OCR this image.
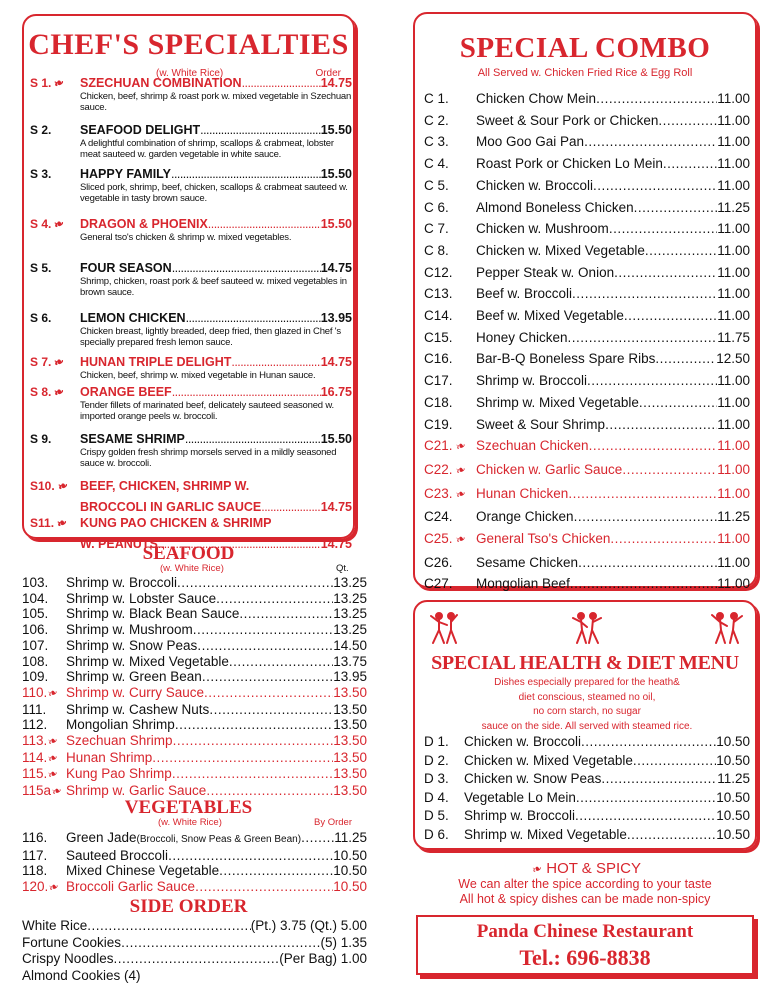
CHEF'S SPECIALTIES
(w. White Rice)	Order
S 1.❧	SZECHUAN COMBINATION . . .	14.75
Chicken, beef, shrimp & roast pork w. mixed vegetable in Szechuan sauce.
S 2.	SEAFOOD DELIGHT . . .	15.50
A delightful combination of shrimp, scallops & crabmeat, lobster meat sauteed w. garden vegetable in white sauce.
S 3.	HAPPY FAMILY . . .	15.50
Sliced pork, shrimp, beef, chicken, scallops & crabmeat sauteed w. vegetable in tasty brown sauce.
S 4.❧	DRAGON & PHOENIX . . .	15.50
General tso's chicken & shrimp w. mixed vegetables.
S 5.	FOUR SEASON . . .	14.75
Shrimp, chicken, roast pork & beef sauteed w. mixed vegetables in brown sauce.
S 6.	LEMON CHICKEN . . .	13.95
Chicken breast, lightly breaded, deep fried, then glazed in Chef 's specially prepared fresh lemon sauce.
S 7.❧	HUNAN TRIPLE DELIGHT . . .	14.75
Chicken, beef, shrimp w. mixed vegetable in Hunan sauce.
S 8.❧	ORANGE BEEF . . .	16.75
Tender fillets of marinated beef, delicately sauteed seasoned w. imported orange peels w. broccoli.
S 9.	SESAME SHRIMP . . .	15.50
Crispy golden fresh shrimp morsels served in a mildly seasoned sauce w. broccoli.
S10.❧ BEEF, CHICKEN, SHRIMP W.
BROCCOLI IN GARLIC SAUCE . . .	14.75
S11.❧ KUNG PAO CHICKEN & SHRIMP
W. PEANUTS . . .	14.75
SEAFOOD
(w. White Rice)	Qt.
103.	Shrimp w. Broccoli .....	13.25
104.	Shrimp w. Lobster Sauce .....	13.25
105.	Shrimp w. Black Bean Sauce .....	13.25
106.	Shrimp w. Mushroom .....	13.25
107.	Shrimp w. Snow Peas .....	14.50
108.	Shrimp w. Mixed Vegetable .....	13.75
109.	Shrimp w. Green Bean .....	13.95
110.❧ Shrimp w. Curry Sauce .....	13.50
111.	Shrimp w. Cashew Nuts .....	13.50
112.	Mongolian Shrimp .....	13.50
113.❧ Szechuan Shrimp .....	13.50
114.❧ Hunan Shrimp .....	13.50
115.❧ Kung Pao Shrimp .....	13.50
115a❧ Shrimp w. Garlic Sauce .....	13.50
VEGETABLES
(w. White Rice)	By Order
116.	Green Jade (Broccoli, Snow Peas & Green Bean) ..... 11.25
117.	Sauteed Broccoli .....	10.50
118.	Mixed Chinese Vegetable .....	10.50
120.❧ Broccoli Garlic Sauce .....	10.50
SIDE ORDER
White Rice .....	(Pt.) 3.75 (Qt.) 5.00
Fortune Cookies .....	(5) 1.35
Crispy Noodles .....	(Per Bag) 1.00
Almond Cookies (4)
SPECIAL COMBO
All Served w. Chicken Fried Rice & Egg Roll
C 1.	Chicken Chow Mein .....	11.00
C 2.	Sweet & Sour Pork or Chicken .....	11.00
C 3.	Moo Goo Gai Pan .....	11.00
C 4.	Roast Pork or Chicken Lo Mein .....	11.00
C 5.	Chicken w. Broccoli .....	11.00
C 6.	Almond Boneless Chicken .....	11.25
C 7.	Chicken w. Mushroom .....	11.00
C 8.	Chicken w. Mixed Vegetable .....	11.00
C12.	Pepper Steak w. Onion .....	11.00
C13.	Beef w. Broccoli .....	11.00
C14.	Beef w. Mixed Vegetable .....	11.00
C15.	Honey Chicken .....	11.75
C16.	Bar-B-Q Boneless Spare Ribs .....	12.50
C17.	Shrimp w. Broccoli .....	11.00
C18.	Shrimp w. Mixed Vegetable .....	11.00
C19.	Sweet & Sour Shrimp .....	11.00
C21.❧ Szechuan Chicken .....	11.00
C22.❧ Chicken w. Garlic Sauce .....	11.00
C23.❧ Hunan Chicken .....	11.00
C24.	Orange Chicken .....	11.25
C25.❧ General Tso's Chicken .....	11.00
C26.	Sesame Chicken .....	11.00
C27.	Mongolian Beef .....	11.00
SPECIAL HEALTH & DIET MENU
Dishes especially prepared for the heath&
diet conscious, steamed no oil,
no corn starch, no sugar
sauce on the side. All served with steamed rice.
D 1.	Chicken w. Broccoli .....	10.50
D 2.	Chicken w. Mixed Vegetable .....	10.50
D 3.	Chicken w. Snow Peas .....	11.25
D 4.	Vegetable Lo Mein .....	10.50
D 5.	Shrimp w. Broccoli .....	10.50
D 6.	Shrimp w. Mixed Vegetable .....	10.50
❧ HOT & SPICY
We can alter the spice according to your taste
All hot & spicy dishes can be made non-spicy
Panda Chinese Restaurant
Tel.: 696-8838
